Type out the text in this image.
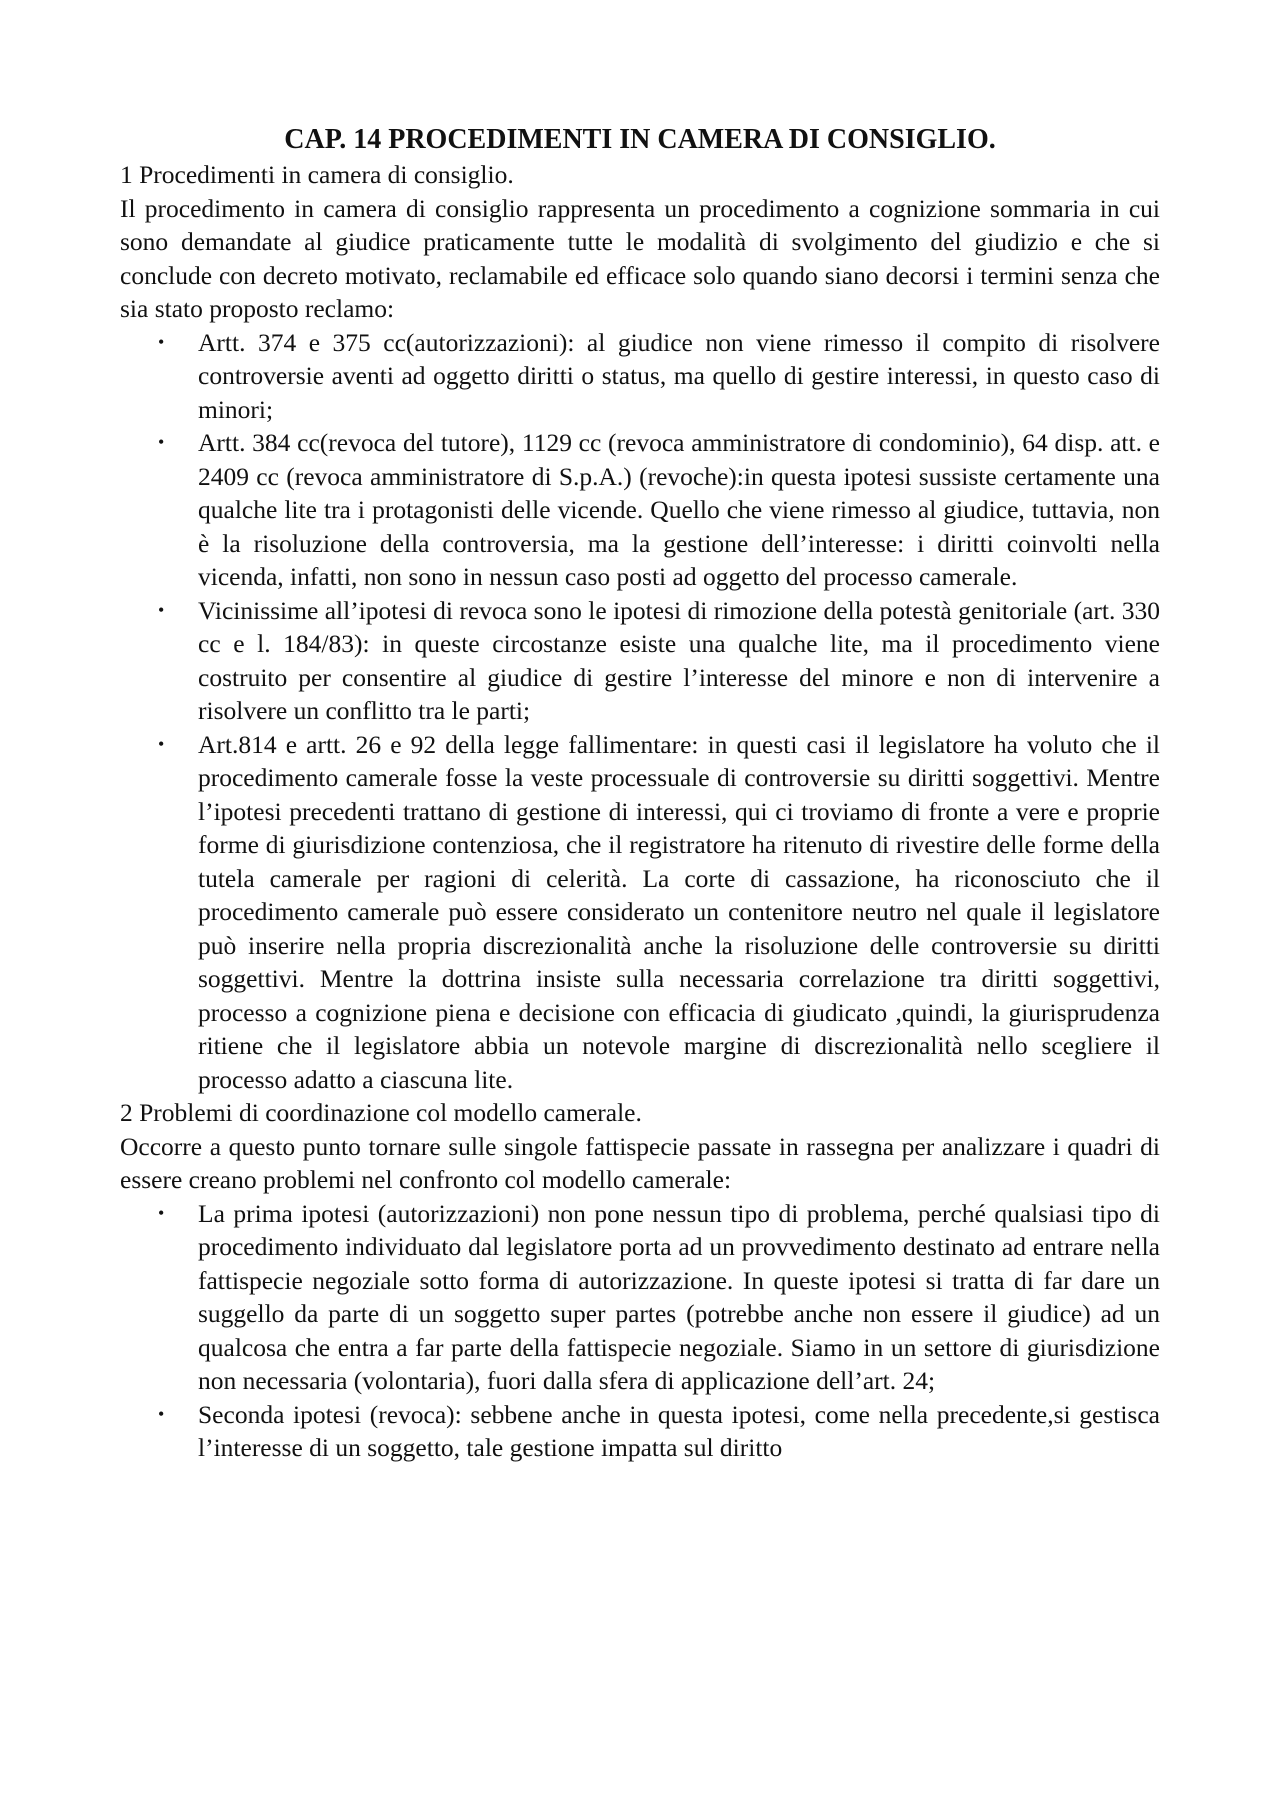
CAP. 14 PROCEDIMENTI IN CAMERA DI CONSIGLIO.

1 Procedimenti in camera di consiglio.

Il procedimento in camera di consiglio rappresenta un procedimento a cognizione sommaria in cui sono demandate al giudice praticamente tutte le modalità di svolgimento del giudizio e che si conclude con decreto motivato, reclamabile ed efficace solo quando siano decorsi i termini senza che sia stato proposto reclamo:

• Artt. 374 e 375 cc(autorizzazioni): al giudice non viene rimesso il compito di risolvere controversie aventi ad oggetto diritti o status, ma quello di gestire interessi, in questo caso di minori;
• Artt. 384 cc(revoca del tutore), 1129 cc (revoca amministratore di condominio), 64 disp. att. e 2409 cc (revoca amministratore di S.p.A.) (revoche):in questa ipotesi sussiste certamente una qualche lite tra i protagonisti delle vicende. Quello che viene rimesso al giudice, tuttavia, non è la risoluzione della controversia, ma la gestione dell’interesse: i diritti coinvolti nella vicenda, infatti, non sono in nessun caso posti ad oggetto del processo camerale.
• Vicinissime all’ipotesi di revoca sono le ipotesi di rimozione della potestà genitoriale (art. 330 cc e l. 184/83): in queste circostanze esiste una qualche lite, ma il procedimento viene costruito per consentire al giudice di gestire l’interesse del minore e non di intervenire a risolvere un conflitto tra le parti;
• Art.814 e artt. 26 e 92 della legge fallimentare: in questi casi il legislatore ha voluto che il procedimento camerale fosse la veste processuale di controversie su diritti soggettivi. Mentre l’ipotesi precedenti trattano di gestione di interessi, qui ci troviamo di fronte a vere e proprie forme di giurisdizione contenziosa, che il registratore ha ritenuto di rivestire delle forme della tutela camerale per ragioni di celerità. La corte di cassazione, ha riconosciuto che il procedimento camerale può essere considerato un contenitore neutro nel quale il legislatore può inserire nella propria discrezionalità anche la risoluzione delle controversie su diritti soggettivi. Mentre la dottrina insiste sulla necessaria correlazione tra diritti soggettivi, processo a cognizione piena e decisione con efficacia di giudicato ,quindi, la giurisprudenza ritiene che il legislatore abbia un notevole margine di discrezionalità nello scegliere il processo adatto a ciascuna lite.

2 Problemi di coordinazione col modello camerale.

Occorre a questo punto tornare sulle singole fattispecie passate in rassegna per analizzare i quadri di essere creano problemi nel confronto col modello camerale:

• La prima ipotesi (autorizzazioni) non pone nessun tipo di problema, perché qualsiasi tipo di procedimento individuato dal legislatore porta ad un provvedimento destinato ad entrare nella fattispecie negoziale sotto forma di autorizzazione. In queste ipotesi si tratta di far dare un suggello da parte di un soggetto super partes (potrebbe anche non essere il giudice) ad un qualcosa che entra a far parte della fattispecie negoziale. Siamo in un settore di giurisdizione non necessaria (volontaria), fuori dalla sfera di applicazione dell’art. 24;
• Seconda ipotesi (revoca): sebbene anche in questa ipotesi, come nella precedente,si gestisca l’interesse di un soggetto, tale gestione impatta sul diritto
